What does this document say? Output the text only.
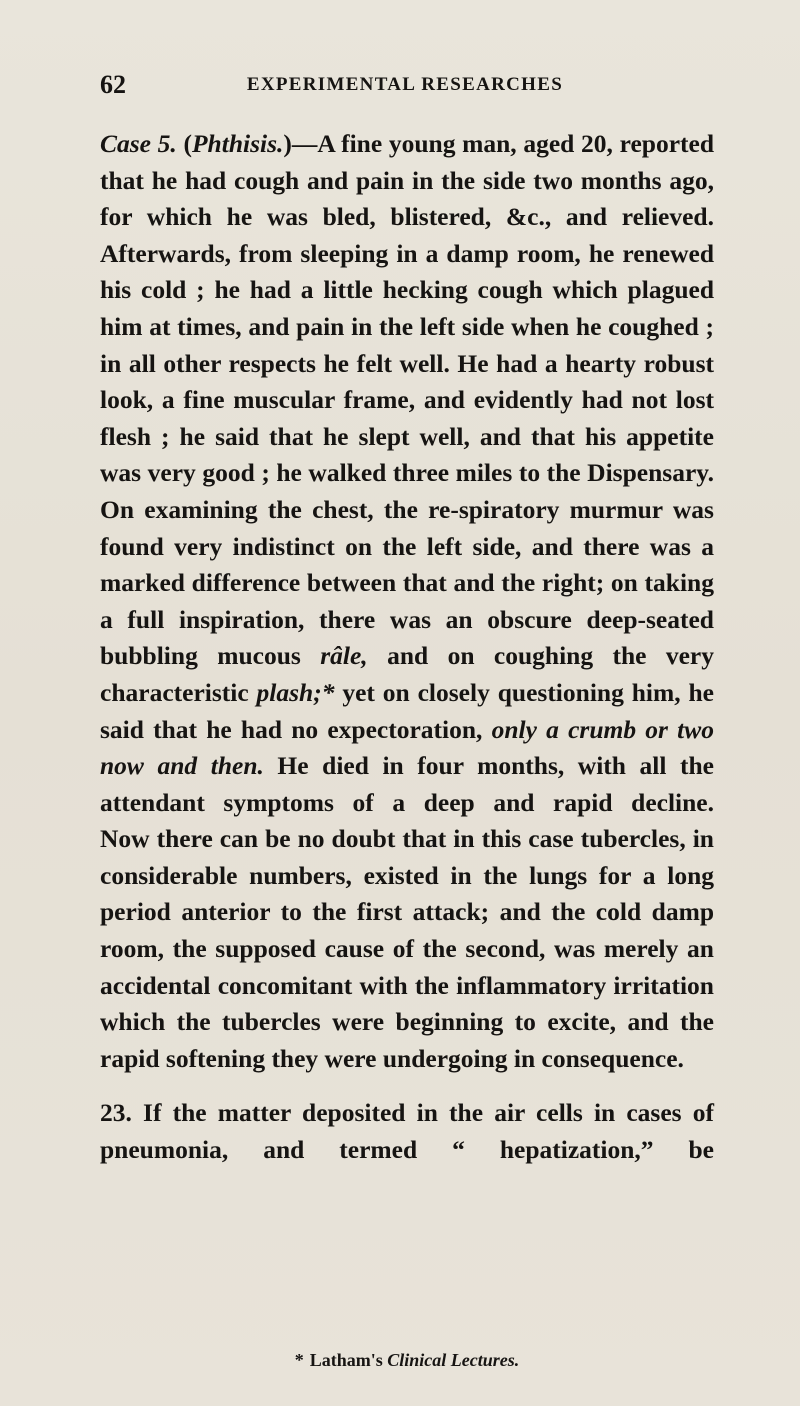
62	EXPERIMENTAL RESEARCHES

Case 5. (Phthisis.)—A fine young man, aged 20, reported that he had cough and pain in the side two months ago, for which he was bled, blistered, &c., and relieved. Afterwards, from sleeping in a damp room, he renewed his cold ; he had a little hecking cough which plagued him at times, and pain in the left side when he coughed ; in all other respects he felt well. He had a hearty robust look, a fine muscular frame, and evidently had not lost flesh ; he said that he slept well, and that his appetite was very good ; he walked three miles to the Dispensary. On examining the chest, the re-spiratory murmur was found very indistinct on the left side, and there was a marked difference between that and the right; on taking a full inspiration, there was an obscure deep-seated bubbling mucous râle, and on coughing the very characteristic plash;* yet on closely questioning him, he said that he had no expectoration, only a crumb or two now and then. He died in four months, with all the attendant symptoms of a deep and rapid decline.

Now there can be no doubt that in this case tubercles, in considerable numbers, existed in the lungs for a long period anterior to the first attack; and the cold damp room, the supposed cause of the second, was merely an accidental concomitant with the inflammatory irritation which the tubercles were beginning to excite, and the rapid softening they were undergoing in consequence.

23. If the matter deposited in the air cells in cases of pneumonia, and termed “ hepatization,” be

* Latham's Clinical Lectures.
